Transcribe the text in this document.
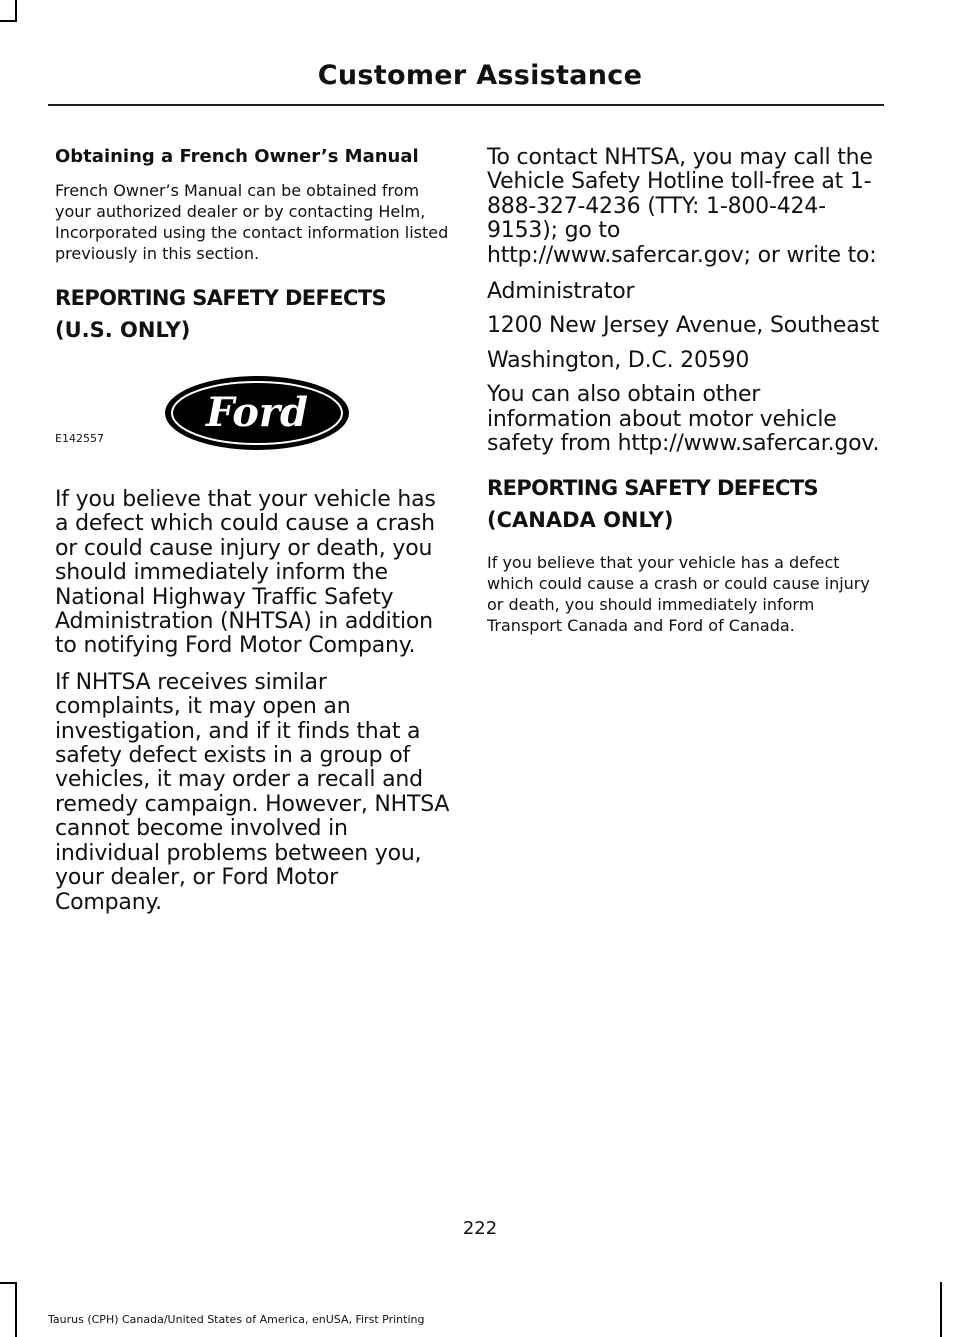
Customer Assistance
Obtaining a French Owner’s Manual

French Owner’s Manual can be obtained from your authorized dealer or by contacting Helm, Incorporated using the contact information listed previously in this section.

REPORTING SAFETY DEFECTS
(U.S. ONLY)
E142557
Ford

If you believe that your vehicle has a defect which could cause a crash or could cause injury or death, you should immediately inform the National Highway Traffic Safety Administration (NHTSA) in addition to notifying Ford Motor Company.

If NHTSA receives similar complaints, it may open an investigation, and if it finds that a safety defect exists in a group of vehicles, it may order a recall and remedy campaign. However, NHTSA cannot become involved in individual problems between you, your dealer, or Ford Motor Company.

To contact NHTSA, you may call the Vehicle Safety Hotline toll-free at 1-888-327-4236 (TTY: 1-800-424-9153); go to http://www.safercar.gov; or write to:

Administrator

1200 New Jersey Avenue, Southeast

Washington, D.C. 20590

You can also obtain other information about motor vehicle safety from http://www.safercar.gov.

REPORTING SAFETY DEFECTS
(CANADA ONLY)

If you believe that your vehicle has a defect which could cause a crash or could cause injury or death, you should immediately inform Transport Canada and Ford of Canada.

222
Taurus (CPH) Canada/United States of America, enUSA, First Printing
